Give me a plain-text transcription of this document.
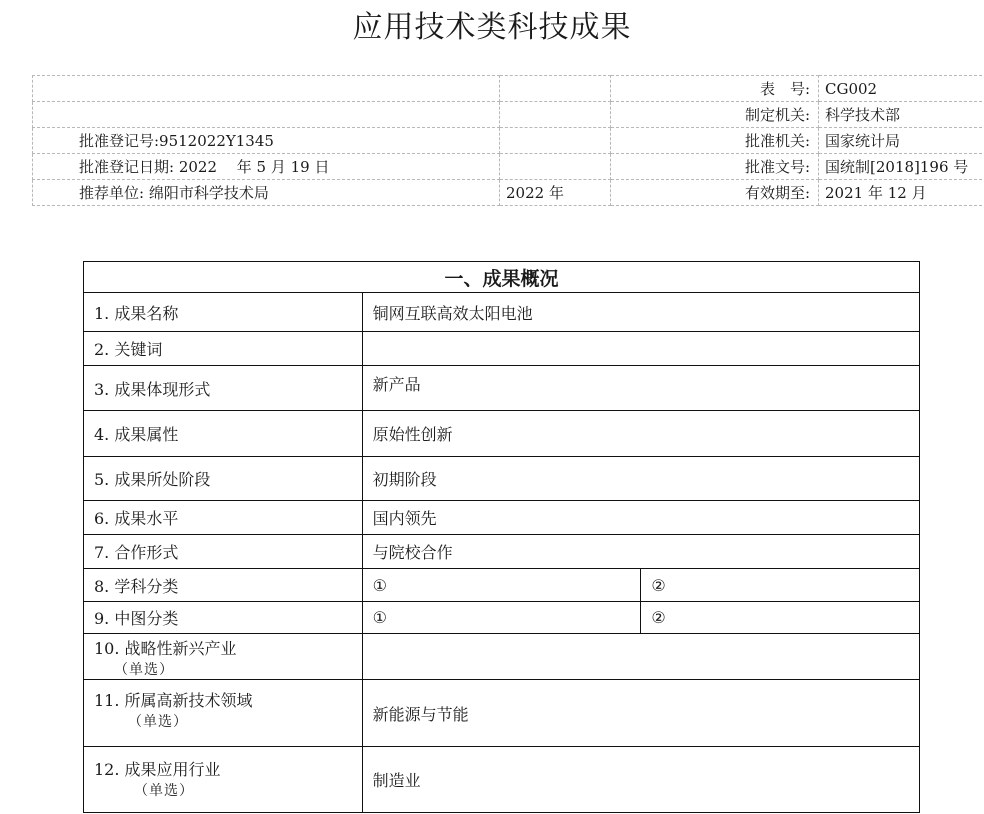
应用技术类科技成果
		表　号:	CG002
		制定机关:	科学技术部
批准登记号:9512022Y1345		批准机关:	国家统计局
批准登记日期: 2022　 年 5 月 19 日		批准文号:	国统制[2018]196 号
推荐单位: 绵阳市科学技术局	2022 年	有效期至:	2021 年 12 月
一、成果概况		
1. 成果名称	铜网互联高效太阳电池	
2. 关键词		
3. 成果体现形式	新产品	
4. 成果属性	原始性创新	
5. 成果所处阶段	初期阶段	
6. 成果水平	国内领先	
7. 合作形式	与院校合作	
8. 学科分类	①	②
9. 中图分类	①	②
10. 战略性新兴产业
（单选）		

11. 所属高新技术领域
（单选）	新能源与节能	
12. 成果应用行业
（单选）	制造业	
